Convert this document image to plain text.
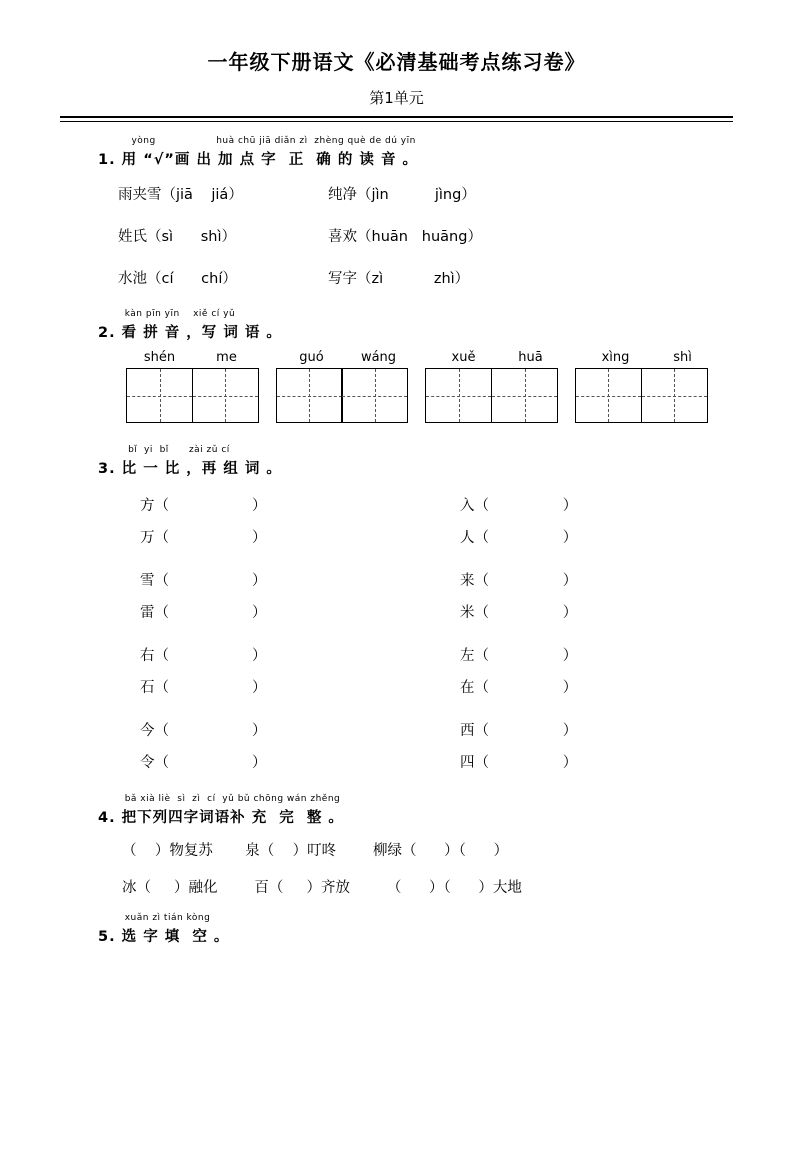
一年级下册语文《必清基础考点练习卷》
第1单元
yòng                  huà chū jiā diǎn zì  zhèng què de dú yīn
1. 用 “√”画 出 加 点 字  正  确 的 读 音 。
雨夹雪（jiā    jiá）	纯净（jìn          jìng）
姓氏（sì      shì）	喜欢（huān   huāng）
水池（cí      chí）	写字（zì           zhì）
kàn pīn yīn    xiě cí yǔ
2. 看 拼 音 ，写 词 语 。
shén	me	guó	wáng	xuě	huā	xìng	shì
bǐ  yi  bǐ      zài zǔ cí
3. 比 一 比 ，再 组 词 。
方（                  ）	入（                ）
万（                  ）	人（                ）
雪（                  ）	来（                ）
雷（                  ）	米（                ）
右（                  ）	左（                ）
石（                  ）	在（                ）
今（                  ）	西（                ）
令（                  ）	四（                ）
bǎ xià liè  sì  zì  cí  yǔ bǔ chōng wán zhěng
4. 把下列四字词语补 充  完  整 。
（    ）物复苏       泉（    ）叮咚        柳绿（      ）（      ）
冰（     ）融化        百（     ）齐放        （      ）（      ）大地
xuǎn zì tián kòng
5. 选 字 填  空 。
